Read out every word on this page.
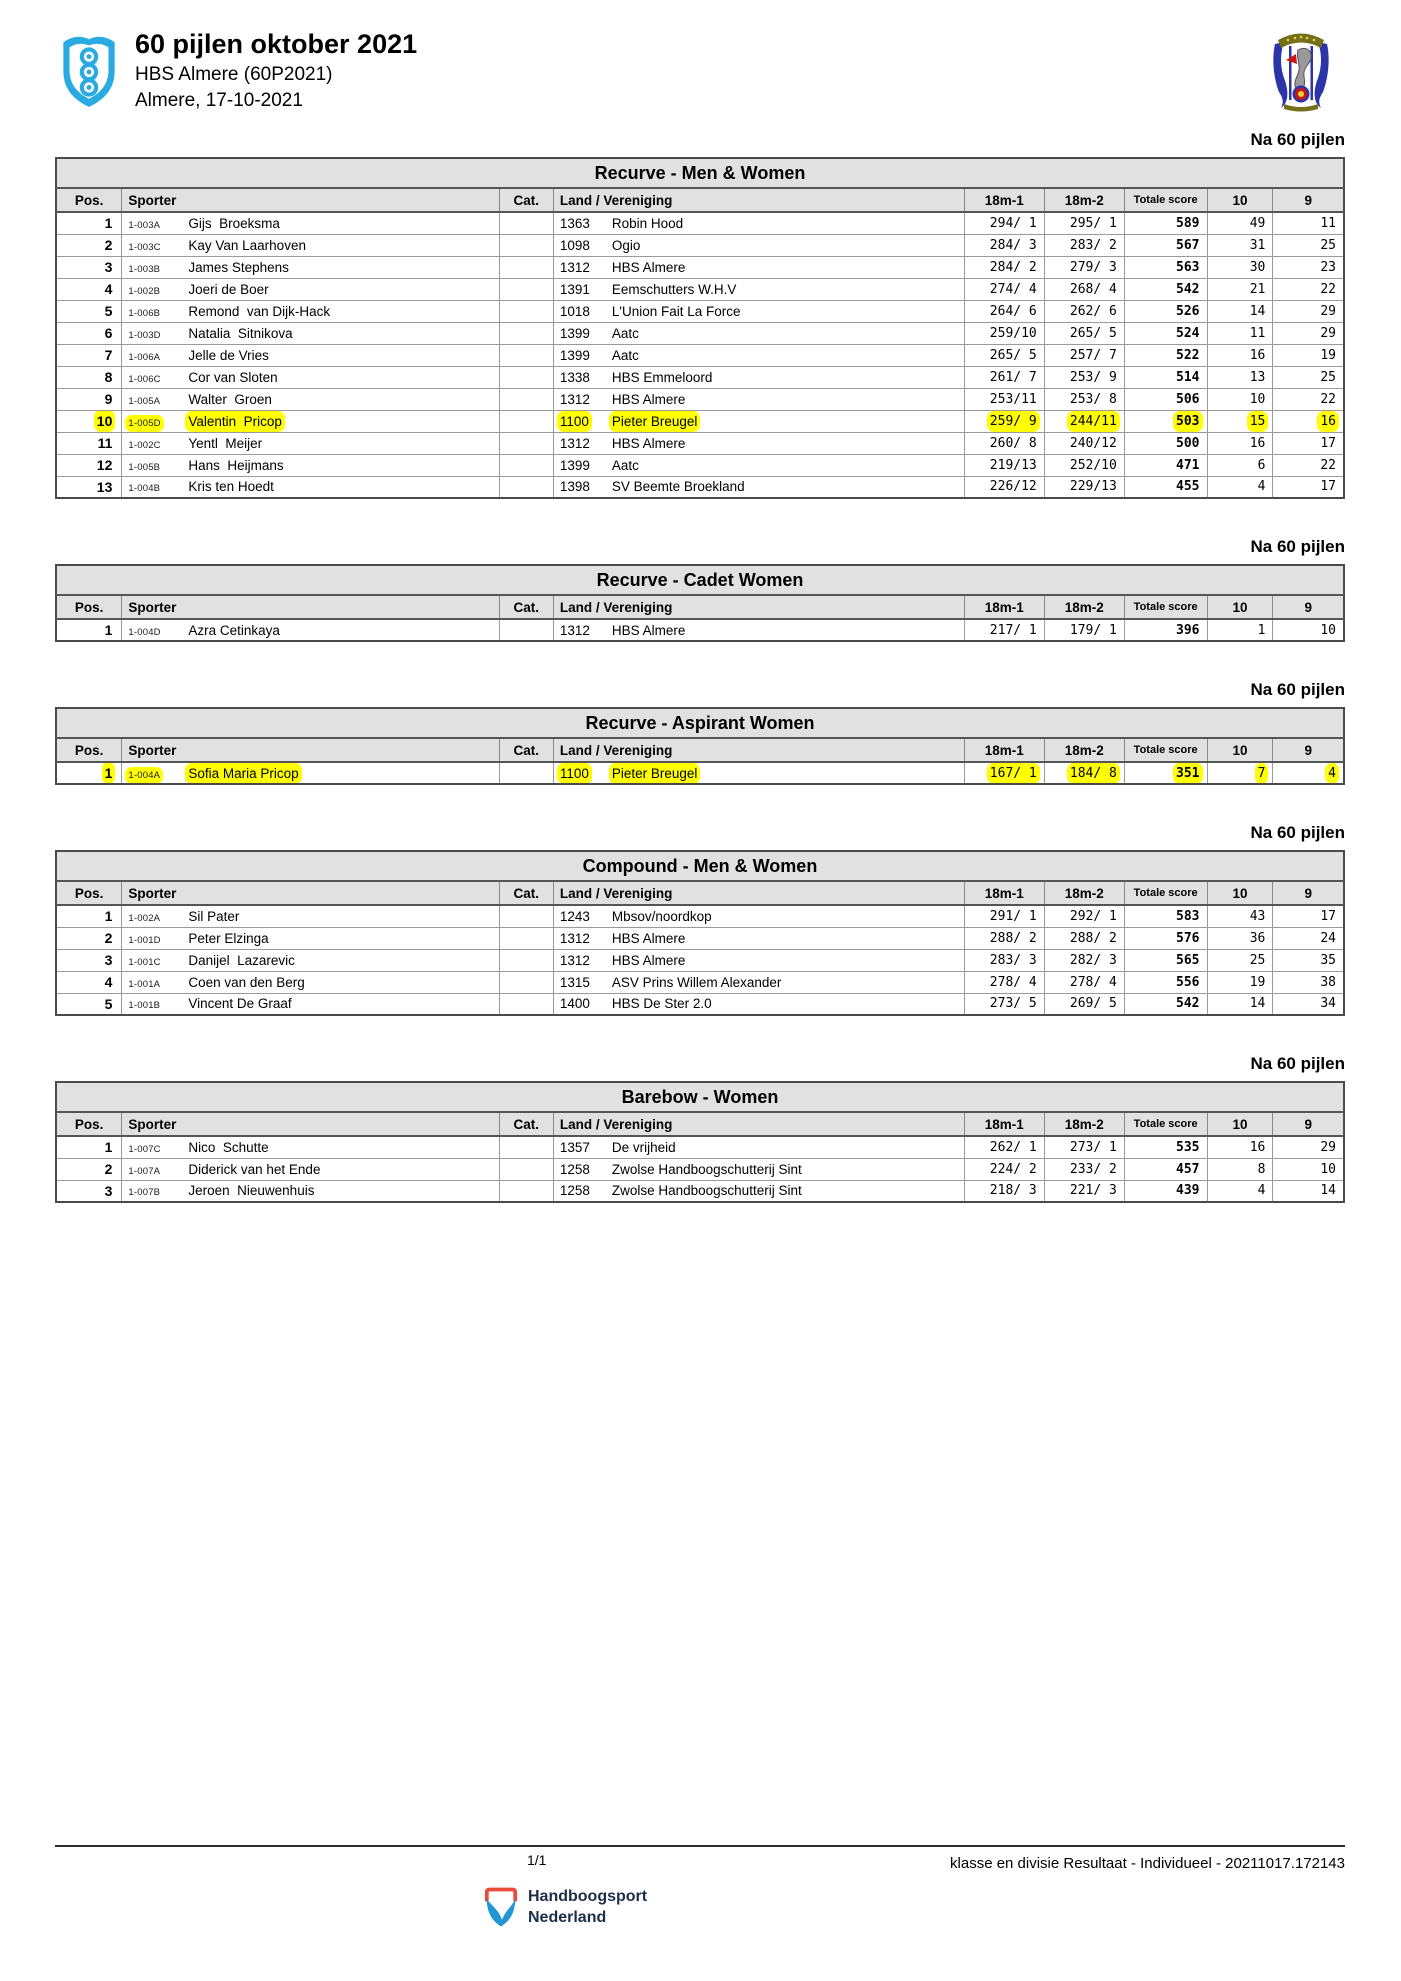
60 pijlen oktober 2021
HBS Almere (60P2021)
Almere, 17-10-2021
Na 60 pijlen
Recurve - Men & Women								
Pos.	Sporter	Cat.	Land / Vereniging	18m-1	18m-2	Totale score	10	9
1	1-003A Gijs  Broeksma		1363 Robin Hood	294/ 1	295/ 1	589	49	11
2	1-003C Kay Van Laarhoven		1098 Ogio	284/ 3	283/ 2	567	31	25
3	1-003B James Stephens		1312 HBS Almere	284/ 2	279/ 3	563	30	23
4	1-002B Joeri de Boer		1391 Eemschutters W.H.V	274/ 4	268/ 4	542	21	22
5	1-006B Remond  van Dijk-Hack		1018 L'Union Fait La Force	264/ 6	262/ 6	526	14	29
6	1-003D Natalia  Sitnikova		1399 Aatc	259/10	265/ 5	524	11	29
7	1-006A Jelle de Vries		1399 Aatc	265/ 5	257/ 7	522	16	19
8	1-006C Cor van Sloten		1338 HBS Emmeloord	261/ 7	253/ 9	514	13	25
9	1-005A Walter  Groen		1312 HBS Almere	253/11	253/ 8	506	10	22
10	1-005D Valentin  Pricop		1100 Pieter Breugel	259/ 9	244/11	503	15	16
11	1-002C Yentl  Meijer		1312 HBS Almere	260/ 8	240/12	500	16	17
12	1-005B Hans  Heijmans		1399 Aatc	219/13	252/10	471	6	22
13	1-004B Kris ten Hoedt		1398 SV Beemte Broekland	226/12	229/13	455	4	17
Na 60 pijlen
Recurve - Cadet Women								
Pos.	Sporter	Cat.	Land / Vereniging	18m-1	18m-2	Totale score	10	9
1	1-004D Azra Cetinkaya		1312 HBS Almere	217/ 1	179/ 1	396	1	10
Na 60 pijlen
Recurve - Aspirant Women								
Pos.	Sporter	Cat.	Land / Vereniging	18m-1	18m-2	Totale score	10	9
1	1-004A Sofia Maria Pricop		1100 Pieter Breugel	167/ 1	184/ 8	351	7	4
Na 60 pijlen
Compound - Men & Women								
Pos.	Sporter	Cat.	Land / Vereniging	18m-1	18m-2	Totale score	10	9
1	1-002A Sil Pater		1243 Mbsov/noordkop	291/ 1	292/ 1	583	43	17
2	1-001D Peter Elzinga		1312 HBS Almere	288/ 2	288/ 2	576	36	24
3	1-001C Danijel  Lazarevic		1312 HBS Almere	283/ 3	282/ 3	565	25	35
4	1-001A Coen van den Berg		1315 ASV Prins Willem Alexander	278/ 4	278/ 4	556	19	38
5	1-001B Vincent De Graaf		1400 HBS De Ster 2.0	273/ 5	269/ 5	542	14	34
Na 60 pijlen
Barebow - Women								
Pos.	Sporter	Cat.	Land / Vereniging	18m-1	18m-2	Totale score	10	9
1	1-007C Nico  Schutte		1357 De vrijheid	262/ 1	273/ 1	535	16	29
2	1-007A Diderick van het Ende		1258 Zwolse Handboogschutterij Sint	224/ 2	233/ 2	457	8	10
3	1-007B Jeroen  Nieuwenhuis		1258 Zwolse Handboogschutterij Sint	218/ 3	221/ 3	439	4	14
1/1	klasse en divisie Resultaat - Individueel - 20211017.172143
Handboogsport
Nederland
